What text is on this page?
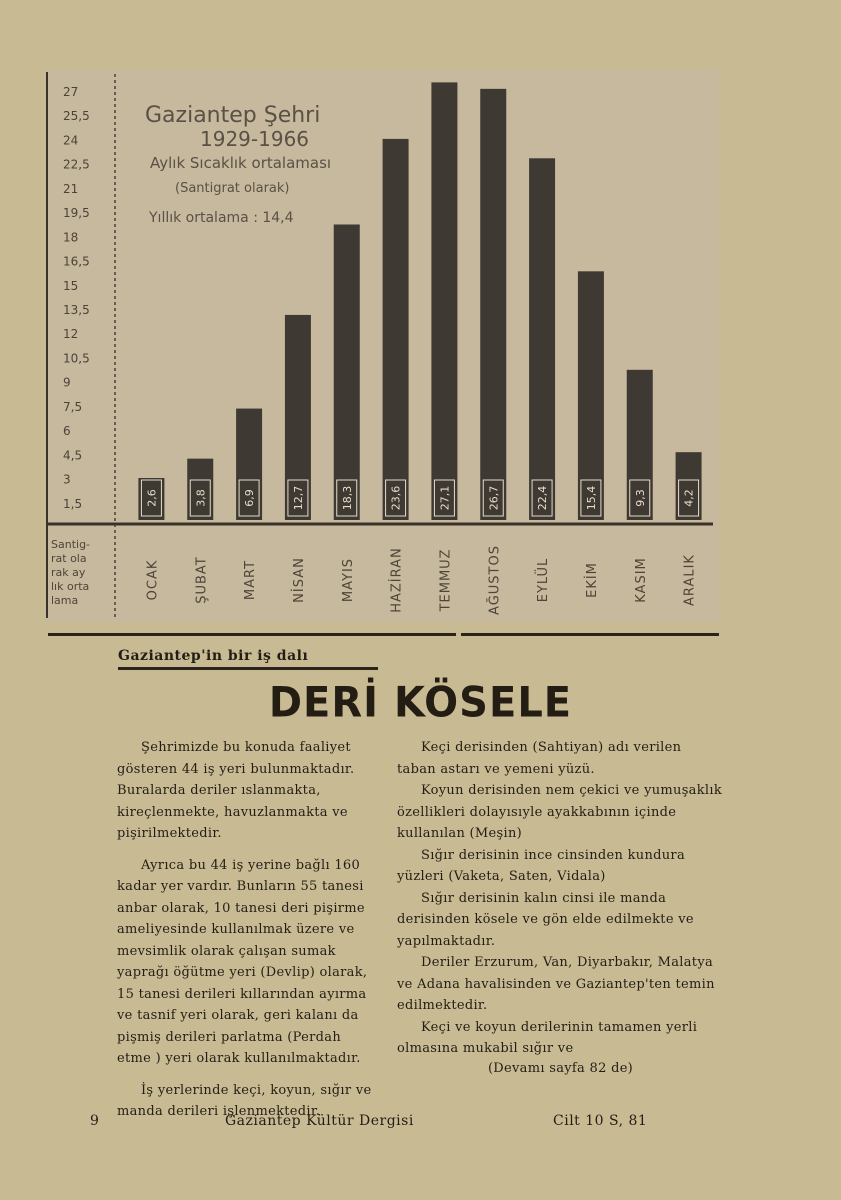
2,6	3,8	6,9	12,7	18,3	23,6	27,1	26,7	22,4	15,4	9,3	4,2
27
25,5
24
22,5
21
19,5
18
16,5
15
13,5
12
10,5
9
7,5
6
4,5
3
1,5
OCAK	ŞUBAT	MART	NİSAN	MAYIS	HAZİRAN	TEMMUZ	AĞUSTOS	EYLÜL	EKİM	KASIM	ARALIK
Gaziantep Şehri
1929-1966
Aylık Sıcaklık ortalaması
(Santigrat olarak)
Yıllık ortalama : 14,4
Santig-
rat ola
rak ay
lık orta
lama
Gaziantep'in bir iş dalı
DERİ KÖSELE

Şehrimizde bu konuda faaliyet gösteren 44 iş yeri bulunmaktadır. Buralarda deriler ıslanmakta, kireçlenmekte, havuzlanmakta ve pişirilmektedir.

Ayrıca bu 44 iş yerine bağlı 160 kadar yer vardır. Bunların 55 tanesi anbar olarak, 10 tanesi deri pişirme ameliyesinde kullanılmak üzere ve mevsimlik olarak çalışan sumak yaprağı öğütme yeri (Devlip) olarak, 15 tanesi derileri kıllarından ayırma ve tasnif yeri olarak, geri kalanı da pişmiş derileri parlatma (Perdah etme ) yeri olarak kullanılmaktadır.

İş yerlerinde keçi, koyun, sığır ve manda derileri işlenmektedir.

Keçi derisinden (Sahtiyan) adı verilen taban astarı ve yemeni yüzü.

Koyun derisinden nem çekici ve yumuşaklık özellikleri dolayısıyle ayakkabının içinde kullanılan (Meşin)

Sığır derisinin ince cinsinden kundura yüzleri (Vaketa, Saten, Vidala)

Sığır derisinin kalın cinsi ile manda derisinden kösele ve gön elde edilmekte ve yapılmaktadır.

Deriler Erzurum, Van, Diyarbakır, Malatya ve Adana havalisinden ve Gaziantep'ten temin edilmektedir.

Keçi ve koyun derilerinin tamamen yerli olmasına mukabil sığır ve

(Devamı sayfa 82 de)
9	Gaziantep Kültür Dergisi	Cilt 10 S, 81
